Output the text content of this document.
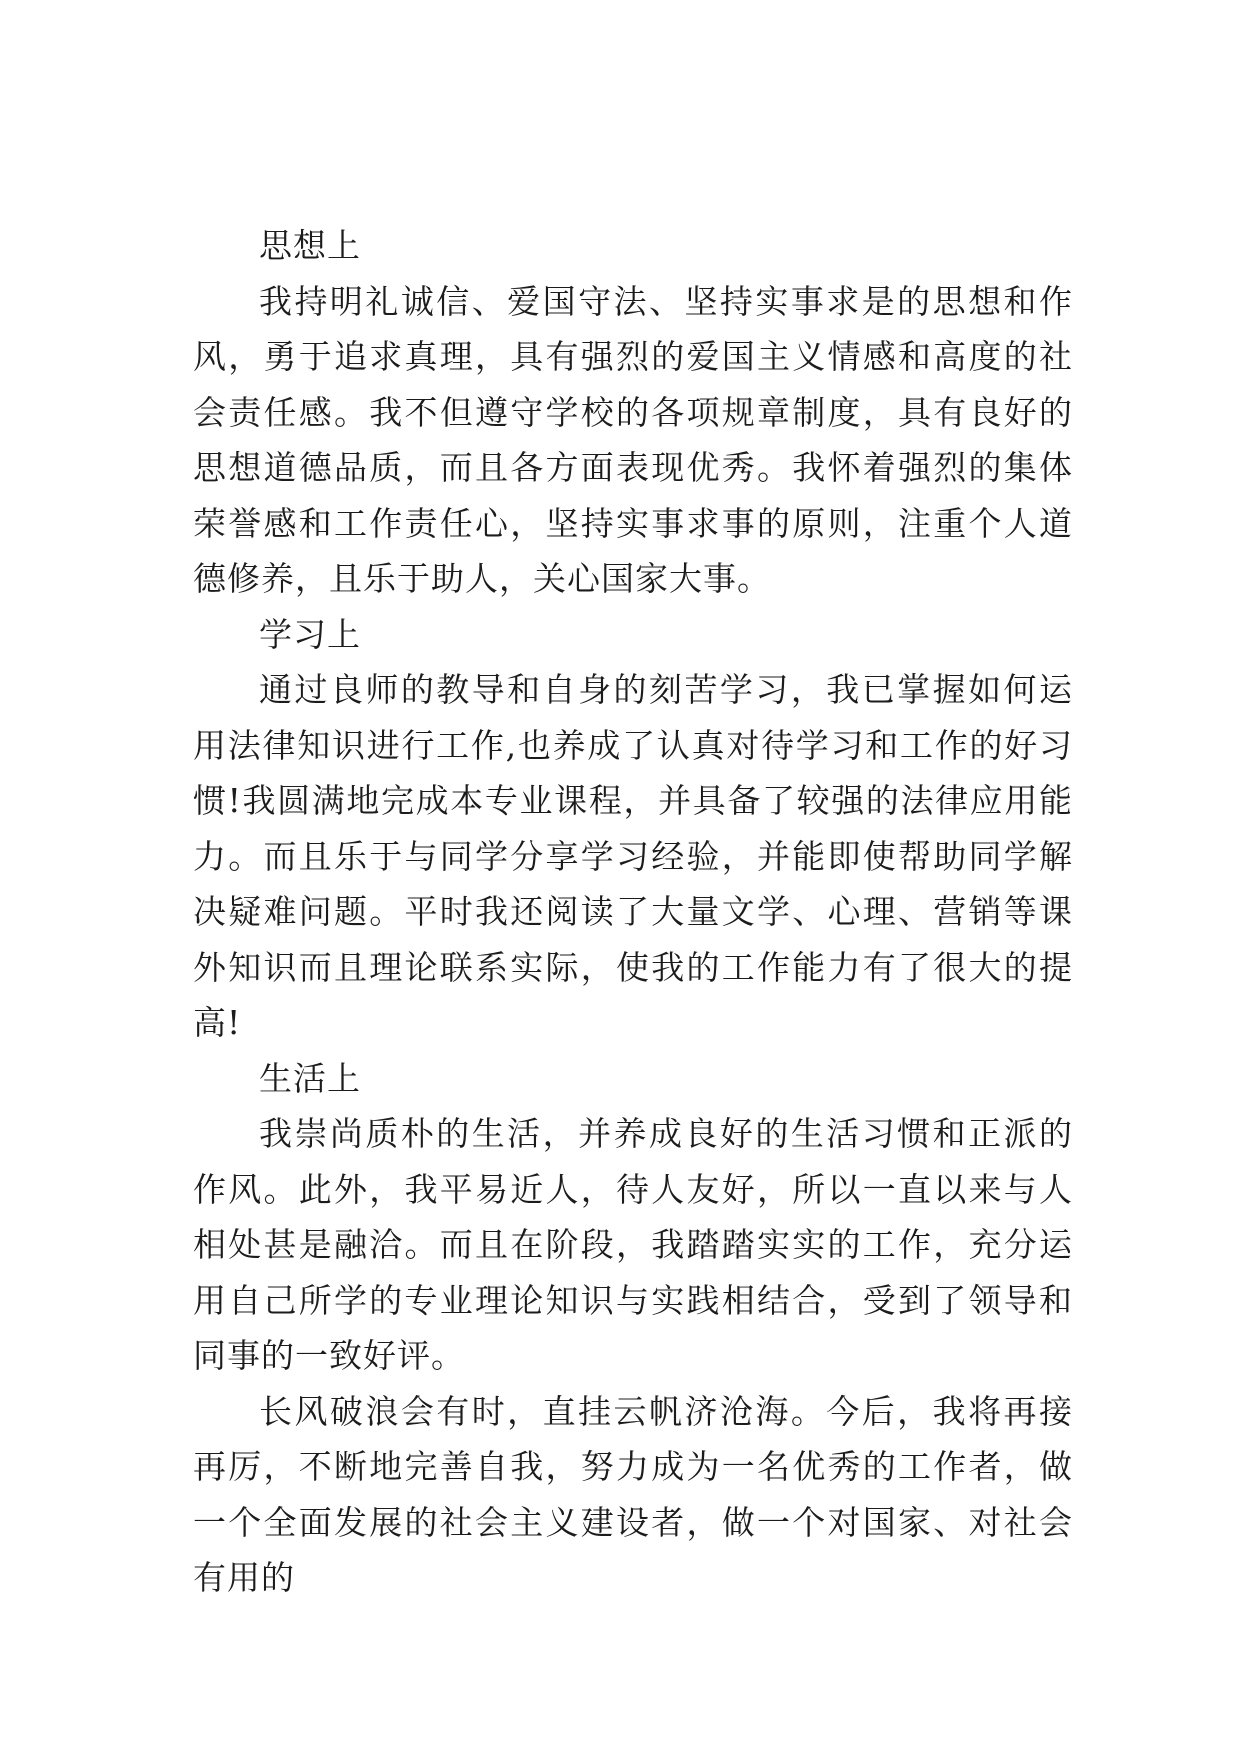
思想上

我持明礼诚信、爱国守法、坚持实事求是的思想和作风，勇于追求真理，具有强烈的爱国主义情感和高度的社会责任感。我不但遵守学校的各项规章制度，具有良好的思想道德品质，而且各方面表现优秀。我怀着强烈的集体荣誉感和工作责任心，坚持实事求事的原则，注重个人道德修养，且乐于助人，关心国家大事。

学习上

通过良师的教导和自身的刻苦学习，我已掌握如何运用法律知识进行工作,也养成了认真对待学习和工作的好习惯!我圆满地完成本专业课程，并具备了较强的法律应用能力。而且乐于与同学分享学习经验，并能即使帮助同学解决疑难问题。平时我还阅读了大量文学、心理、营销等课外知识而且理论联系实际，使我的工作能力有了很大的提高!

生活上

我崇尚质朴的生活，并养成良好的生活习惯和正派的作风。此外，我平易近人，待人友好，所以一直以来与人相处甚是融洽。而且在阶段，我踏踏实实的工作，充分运用自己所学的专业理论知识与实践相结合，受到了领导和同事的一致好评。

长风破浪会有时，直挂云帆济沧海。今后，我将再接再厉，不断地完善自我，努力成为一名优秀的工作者，做一个全面发展的社会主义建设者，做一个对国家、对社会有用的
